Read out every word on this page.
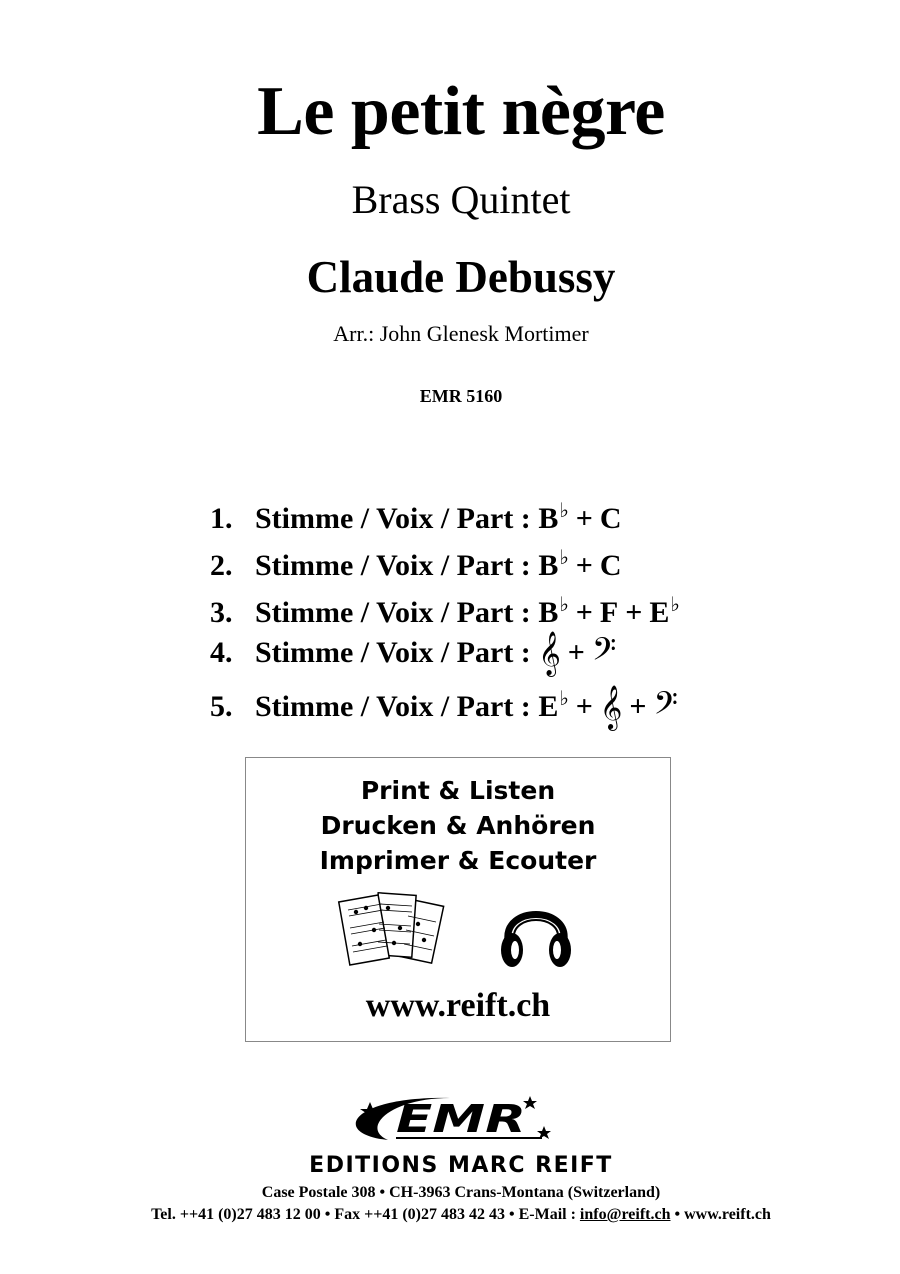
Le petit nègre
Brass Quintet
Claude Debussy
Arr.: John Glenesk Mortimer
EMR 5160
1. Stimme / Voix / Part : B♭ + C
2. Stimme / Voix / Part : B♭ + C
3. Stimme / Voix / Part : B♭ + F + E♭
4. Stimme / Voix / Part : 𝄞 + 𝄢
5. Stimme / Voix / Part : E♭ + 𝄞 + 𝄢
Print & Listen
Drucken & Anhören
Imprimer & Ecouter
www.reift.ch
EMR
EDITIONS MARC REIFT
Case Postale 308 • CH-3963 Crans-Montana (Switzerland)
Tel. ++41 (0)27 483 12 00 • Fax ++41 (0)27 483 42 43 • E-Mail : info@reift.ch • www.reift.ch
